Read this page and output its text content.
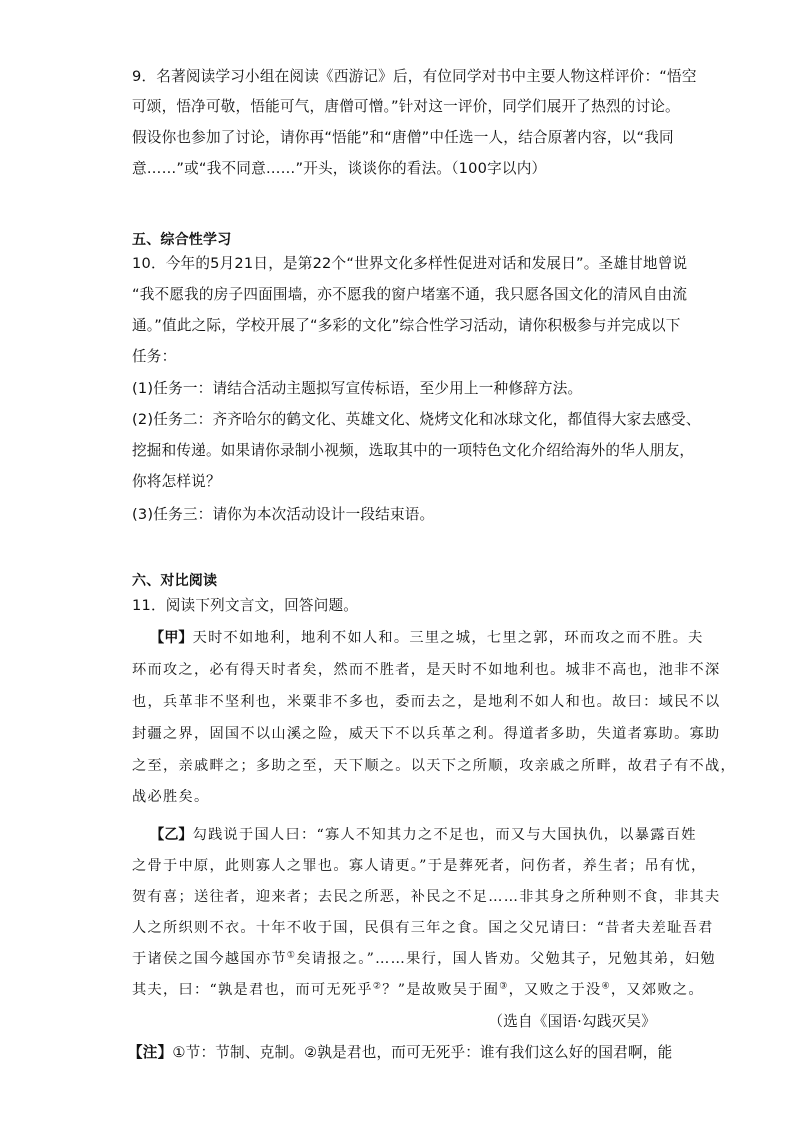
9．名著阅读学习小组在阅读《西游记》后，有位同学对书中主要人物这样评价：“悟空
可颂，悟净可敬，悟能可气，唐僧可憎。”针对这一评价，同学们展开了热烈的讨论。
假设你也参加了讨论，请你再“悟能”和“唐僧”中任选一人，结合原著内容，以“我同
意……”或“我不同意……”开头，谈谈你的看法。（100字以内）
五、综合性学习
10．今年的5月21日，是第22个“世界文化多样性促进对话和发展日”。圣雄甘地曾说
“我不愿我的房子四面围墙，亦不愿我的窗户堵塞不通，我只愿各国文化的清风自由流
通。”值此之际，学校开展了“多彩的文化”综合性学习活动，请你积极参与并完成以下
任务：
(1)任务一：请结合活动主题拟写宣传标语，至少用上一种修辞方法。
(2)任务二：齐齐哈尔的鹤文化、英雄文化、烧烤文化和冰球文化，都值得大家去感受、
挖掘和传递。如果请你录制小视频，选取其中的一项特色文化介绍给海外的华人朋友，
你将怎样说？
(3)任务三：请你为本次活动设计一段结束语。
六、对比阅读
11．阅读下列文言文，回答问题。
【甲】天时不如地利，地利不如人和。三里之城，七里之郭，环而攻之而不胜。夫
环而攻之，必有得天时者矣，然而不胜者，是天时不如地利也。城非不高也，池非不深
也，兵革非不坚利也，米粟非不多也，委而去之，是地利不如人和也。故曰：域民不以
封疆之界，固国不以山溪之险，威天下不以兵革之利。得道者多助，失道者寡助。寡助
之至，亲戚畔之；多助之至，天下顺之。以天下之所顺，攻亲戚之所畔，故君子有不战，
战必胜矣。
【乙】勾践说于国人曰：“寡人不知其力之不足也，而又与大国执仇，以暴露百姓
之骨于中原，此则寡人之罪也。寡人请更。”于是葬死者，问伤者，养生者；吊有忧，
贺有喜；送往者，迎来者；去民之所恶，补民之不足……非其身之所种则不食，非其夫
人之所织则不衣。十年不收于国，民俱有三年之食。国之父兄请曰：“昔者夫差耻吾君
于诸侯之国今越国亦节①矣请报之。”……果行，国人皆劝。父勉其子，兄勉其弟，妇勉
其夫，曰：“孰是君也，而可无死乎②？”是故败吴于囿③，又败之于没④，又郊败之。
（选自《国语·勾践灭吴》
【注】①节：节制、克制。②孰是君也，而可无死乎：谁有我们这么好的国君啊，能
